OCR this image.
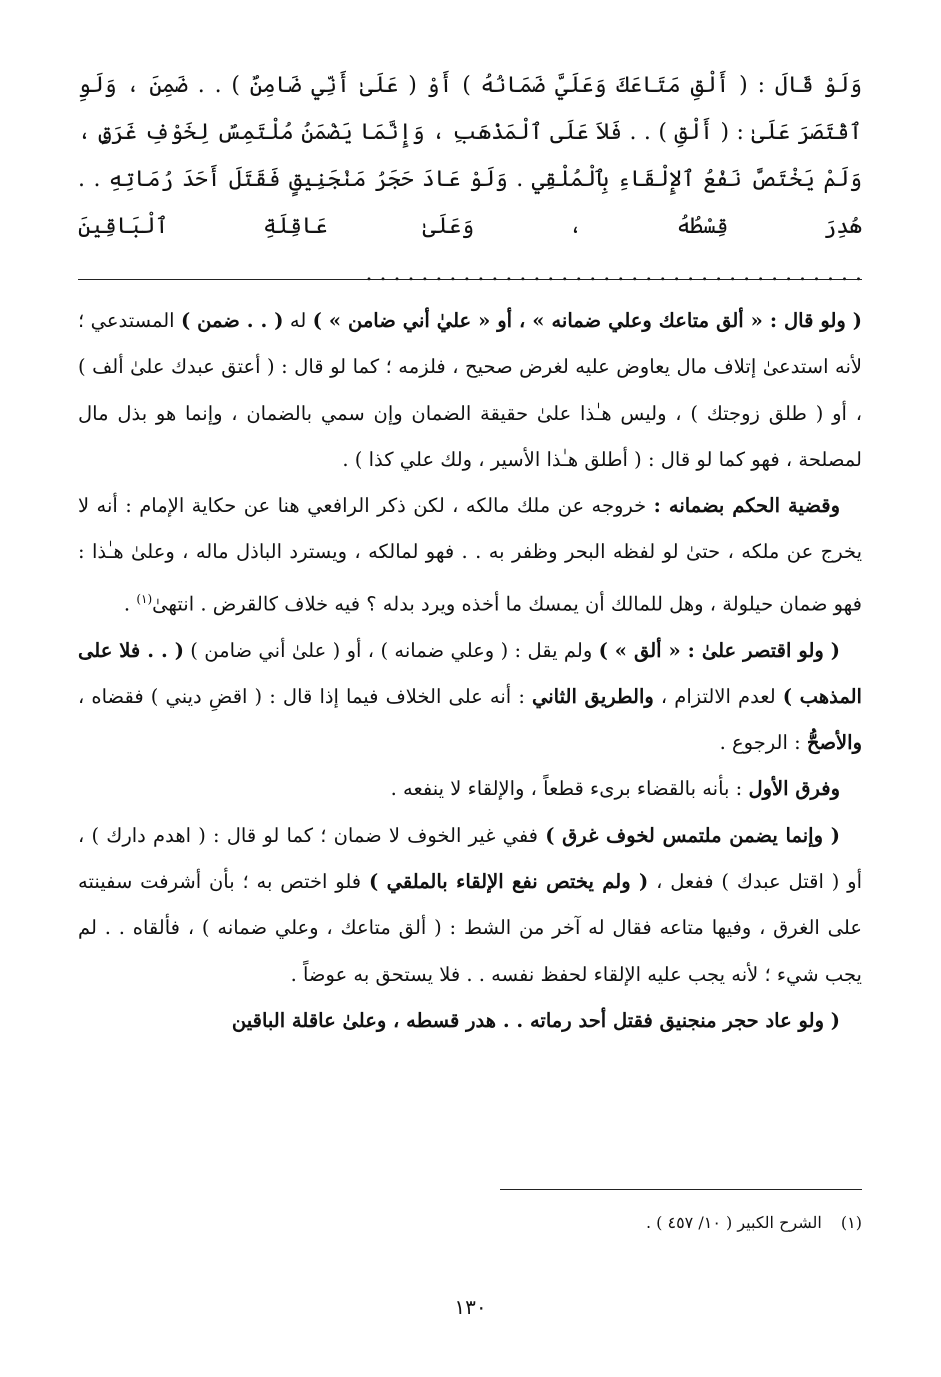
وَلَوْ قَالَ : ( أَلْقِ مَتَاعَكَ وَعَلَيَّ ضَمَانُهُ ) أَوْ ( عَلَىٰ أَنِّي ضَامِنٌ ) . . ضَمِنَ ، وَلَوِ ٱقْتَصَرَ عَلَىٰ : ( أَلْقِ ) . . فَلاَ عَلَى ٱلْمَذْهَبِ ، وَإِنَّمَا يَضْمَنُ مُلْتَمِسٌ لِخَوْفِ غَرَقٍ ، وَلَمْ يَخْتَصَّ نَفْعُ ٱلإِلْقَاءِ بِٱلْمُلْقِي . وَلَوْ عَادَ حَجَرُ مَنْجَنِيقٍ فَقَتَلَ أَحَدَ رُمَاتِهِ . . هُدِرَ قِسْطُهُ ، وَعَلَىٰ عَاقِلَةِ ٱلْبَاقِينَ . . . . . . . . . . . . . . . . . . . . . . . . . . . . . . . . . . . .

( ولو قال : « ألق متاعك وعلي ضمانه » ، أو « عليٰ أني ضامن » ) له ( . . ضمن ) المستدعي ؛ لأنه استدعىٰ إتلاف مال يعاوض عليه لغرض صحيح ، فلزمه ؛ كما لو قال : ( أعتق عبدك علىٰ ألف ) ، أو ( طلق زوجتك ) ، وليس هـٰذا علىٰ حقيقة الضمان وإن سمي بالضمان ، وإنما هو بذل مال لمصلحة ، فهو كما لو قال : ( أطلق هـٰذا الأسير ، ولك علي كذا ) .

وقضية الحكم بضمانه : خروجه عن ملك مالكه ، لكن ذكر الرافعي هنا عن حكاية الإمام : أنه لا يخرج عن ملكه ، حتىٰ لو لفظه البحر وظفر به . . فهو لمالكه ، ويسترد الباذل ماله ، وعلىٰ هـٰذا : فهو ضمان حيلولة ، وهل للمالك أن يمسك ما أخذه ويرد بدله ؟ فيه خلاف كالقرض . انتهىٰ$^{(١)}$ .

( ولو اقتصر علىٰ : « ألق » ) ولم يقل : ( وعلي ضمانه ) ، أو ( علىٰ أني ضامن ) ( . . فلا على المذهب ) لعدم الالتزام ، والطريق الثاني : أنه على الخلاف فيما إذا قال : ( اقضِ ديني ) فقضاه ، والأصحُّ : الرجوع .

وفرق الأول : بأنه بالقضاء برىء قطعاً ، والإلقاء لا ينفعه .

( وإنما يضمن ملتمس لخوف غرق ) ففي غير الخوف لا ضمان ؛ كما لو قال : ( اهدم دارك ) ، أو ( اقتل عبدك ) ففعل ، ( ولم يختص نفع الإلقاء بالملقي ) فلو اختص به ؛ بأن أشرفت سفينته على الغرق ، وفيها متاعه فقال له آخر من الشط : ( ألق متاعك ، وعلي ضمانه ) ، فألقاه . . لم يجب شيء ؛ لأنه يجب عليه الإلقاء لحفظ نفسه . . فلا يستحق به عوضاً .

( ولو عاد حجر منجنيق فقتل أحد رماته . . هدر قسطه ، وعلىٰ عاقلة الباقين

(١) الشرح الكبير ( ١٠/ ٤٥٧ ) .
١٣٠
